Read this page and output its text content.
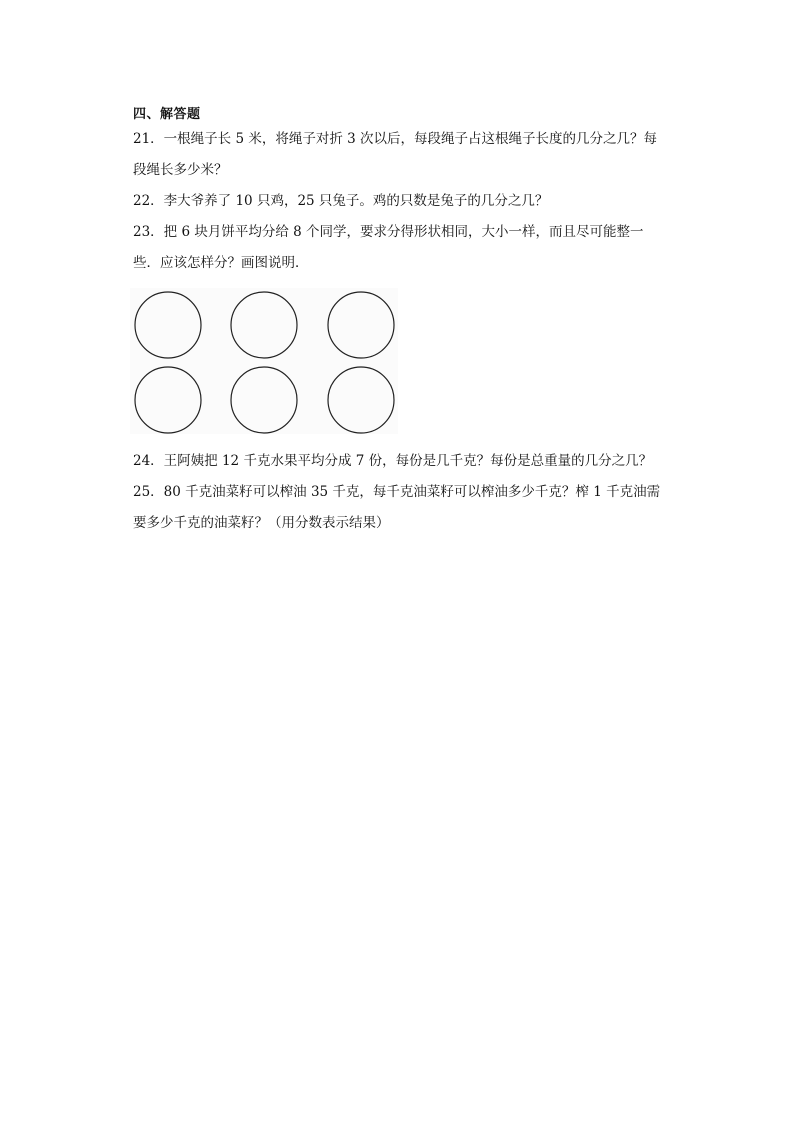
四、解答题
21．一根绳子长 5 米，将绳子对折 3 次以后，每段绳子占这根绳子长度的几分之几？每
段绳长多少米？
22．李大爷养了 10 只鸡，25 只兔子。鸡的只数是兔子的几分之几？
23．把 6 块月饼平均分给 8 个同学，要求分得形状相同，大小一样，而且尽可能整一
些．应该怎样分？画图说明．
24．王阿姨把 12 千克水果平均分成 7 份，每份是几千克？每份是总重量的几分之几？
25．80 千克油菜籽可以榨油 35 千克，每千克油菜籽可以榨油多少千克？榨 1 千克油需
要多少千克的油菜籽？（用分数表示结果）
